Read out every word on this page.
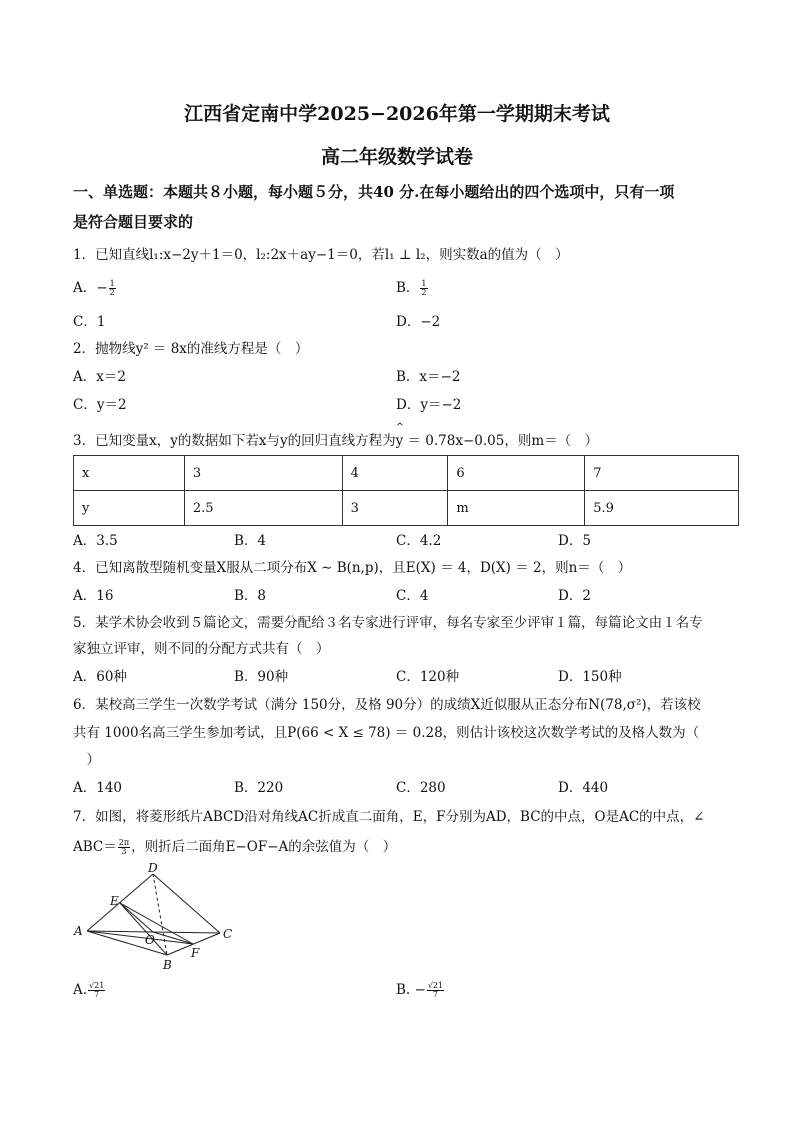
江西省定南中学2025−2026年第一学期期末考试
高二年级数学试卷
一、单选题：本题共８小题，每小题５分，共40 分.在每小题给出的四个选项中，只有一项
是符合题目要求的
1．已知直线l₁:x−2y＋1＝0，l₂:2x＋ay−1＝0，若l₁ ⊥ l₂，则实数a的值为（　）
A．− $\frac{1}{2}$	B． $\frac{1}{2}$
C．1	D．−2
2．抛物线y² ＝ 8x的准线方程是（　）
A．x＝2	B．x＝−2
C．y＝2	D．y＝−2
3．已知变量x，y的数据如下若x与y的回归直线方程为
^
y ＝ 0.78x−0.05，则m＝（　）
x	3	4	6	7
y	2.5	3	m	5.9
A．3.5	B．4	C．4.2	D．5
4．已知离散型随机变量X服从二项分布X ∼ B(n,p)，且E(X) ＝ 4，D(X) ＝ 2，则n＝（　）
A．16	B．8	C．4	D．2
5．某学术协会收到５篇论文，需要分配给３名专家进行评审，每名专家至少评审１篇，每篇论文由１名专
家独立评审，则不同的分配方式共有（　）
A．60种	B．90种	C．120种	D．150种
6．某校高三学生一次数学考试（满分 150分，及格 90分）的成绩X近似服从正态分布N(78,σ²)，若该校
共有 1000名高三学生参加考试，且P(66 < X ≤ 78) ＝ 0.28，则估计该校这次数学考试的及格人数为（
　）
A．140	B．220	C．280	D．440
7．如图，将菱形纸片ABCD沿对角线AC折成直二面角，E，F分别为AD，BC的中点，O是AC的中点，∠
$ABC= \frac{2\pi}{3}$ ，则折后二面角E−OF−A的余弦值为（　）
D
E
A
O	C
B
F
A. $\frac{√21}{7}$	B. − $\frac{√21}{7}$
